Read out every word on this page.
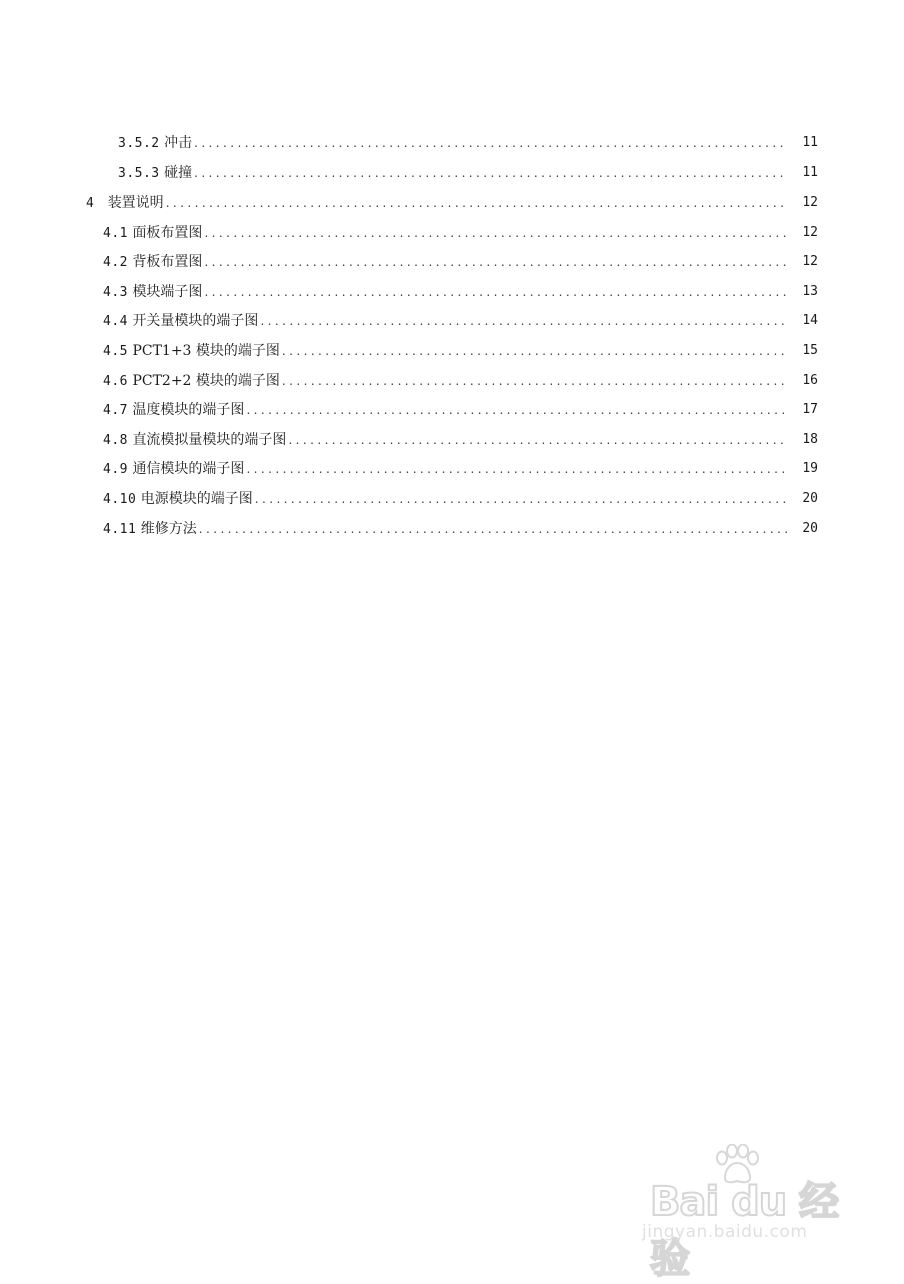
3.5.2 冲击 . . .	11
3.5.3 碰撞 . . .	11
4 装置说明 . . .	12
4.1 面板布置图 . . .	12
4.2 背板布置图 . . .	12
4.3 模块端子图 . . .	13
4.4 开关量模块的端子图 . . .	14
4.5 PCT1+3 模块的端子图 . . .	15
4.6 PCT2+2 模块的端子图 . . .	16
4.7 温度模块的端子图 . . .	17
4.8 直流模拟量模块的端子图 . . .	18
4.9 通信模块的端子图 . . .	19
4.10 电源模块的端子图 . . .	20
4.11 维修方法 . . .	20
Bai du 经验
jingyan.baidu.com
